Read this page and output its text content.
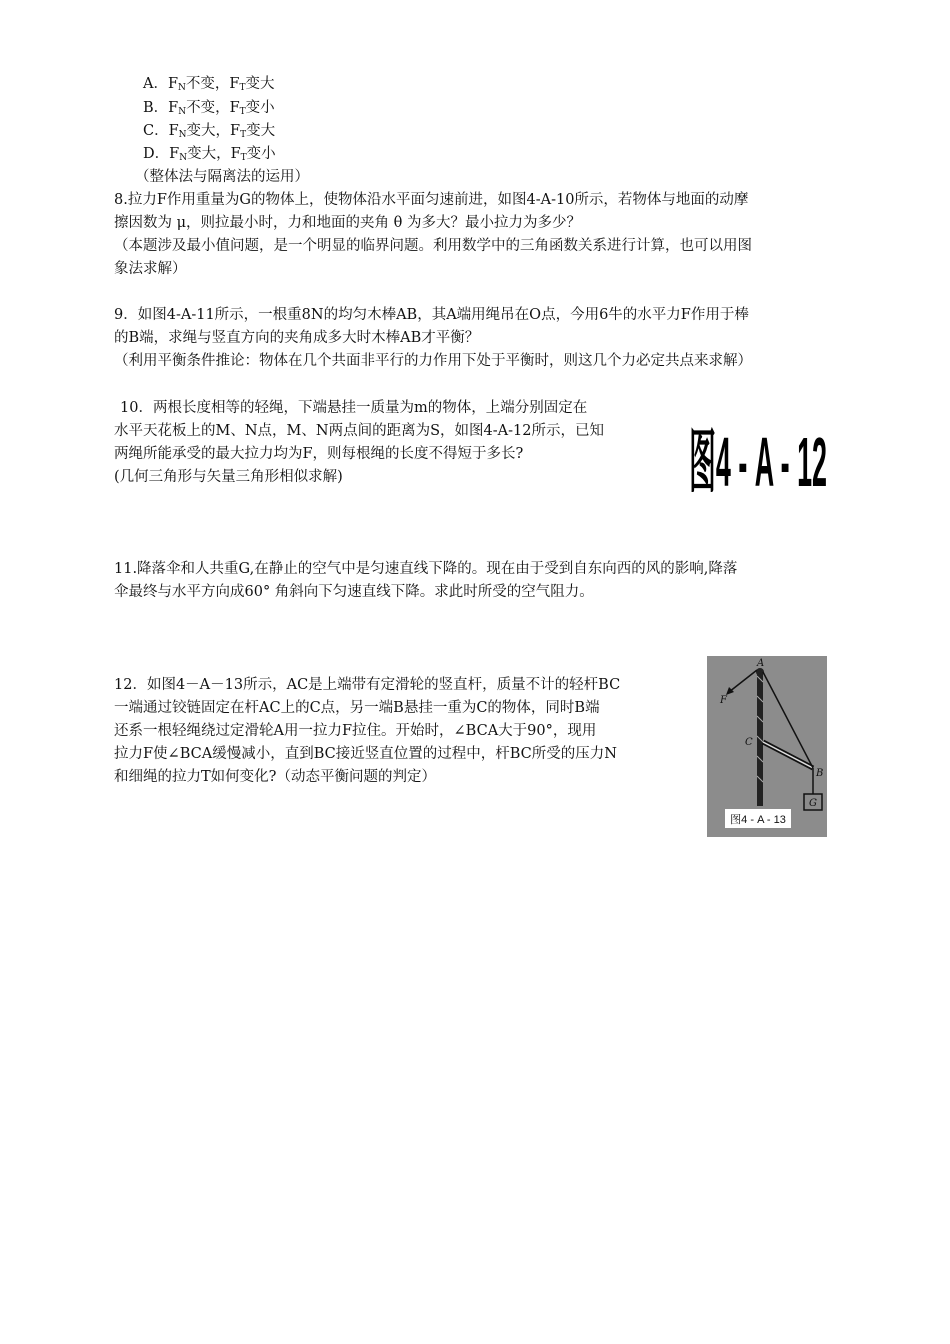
A．$F_N$不变，$F_T$变大
B．$F_N$不变，$F_T$变小
C．$F_N$变大，$F_T$变大
D．$F_N$变大，$F_T$变小
（整体法与隔离法的运用）
8.拉力F作用重量为G的物体上，使物体沿水平面匀速前进，如图4-A-10所示，若物体与地面的动摩
擦因数为 μ，则拉最小时，力和地面的夹角 θ 为多大？最小拉力为多少？
（本题涉及最小值问题，是一个明显的临界问题。利用数学中的三角函数关系进行计算，也可以用图
象法求解）
9．如图4-A-11所示，一根重8N的均匀木棒AB，其A端用绳吊在O点，今用6牛的水平力F作用于棒
的B端，求绳与竖直方向的夹角成多大时木棒AB才平衡？
（利用平衡条件推论：物体在几个共面非平行的力作用下处于平衡时，则这几个力必定共点来求解）
10．两根长度相等的轻绳，下端悬挂一质量为m的物体，上端分别固定在
水平天花板上的M、N点，M、N两点间的距离为S，如图4-A-12所示，已知
两绳所能承受的最大拉力均为F，则每根绳的长度不得短于多长?
(几何三角形与矢量三角形相似求解)	图4 - A - 12
11.降落伞和人共重G,在静止的空气中是匀速直线下降的。现在由于受到自东向西的风的影响,降落
伞最终与水平方向成60° 角斜向下匀速直线下降。求此时所受的空气阻力。
12．如图4－A－13所示，AC是上端带有定滑轮的竖直杆，质量不计的轻杆BC
一端通过铰链固定在杆AC上的C点，另一端B悬挂一重为C的物体，同时B端
还系一根轻绳绕过定滑轮A用一拉力F拉住。开始时，∠BCA大于90°，现用
拉力F使∠BCA缓慢减小，直到BC接近竖直位置的过程中，杆BC所受的压力N
和细绳的拉力T如何变化?（动态平衡问题的判定）
A
F
C
B
G
图4 - A - 13
